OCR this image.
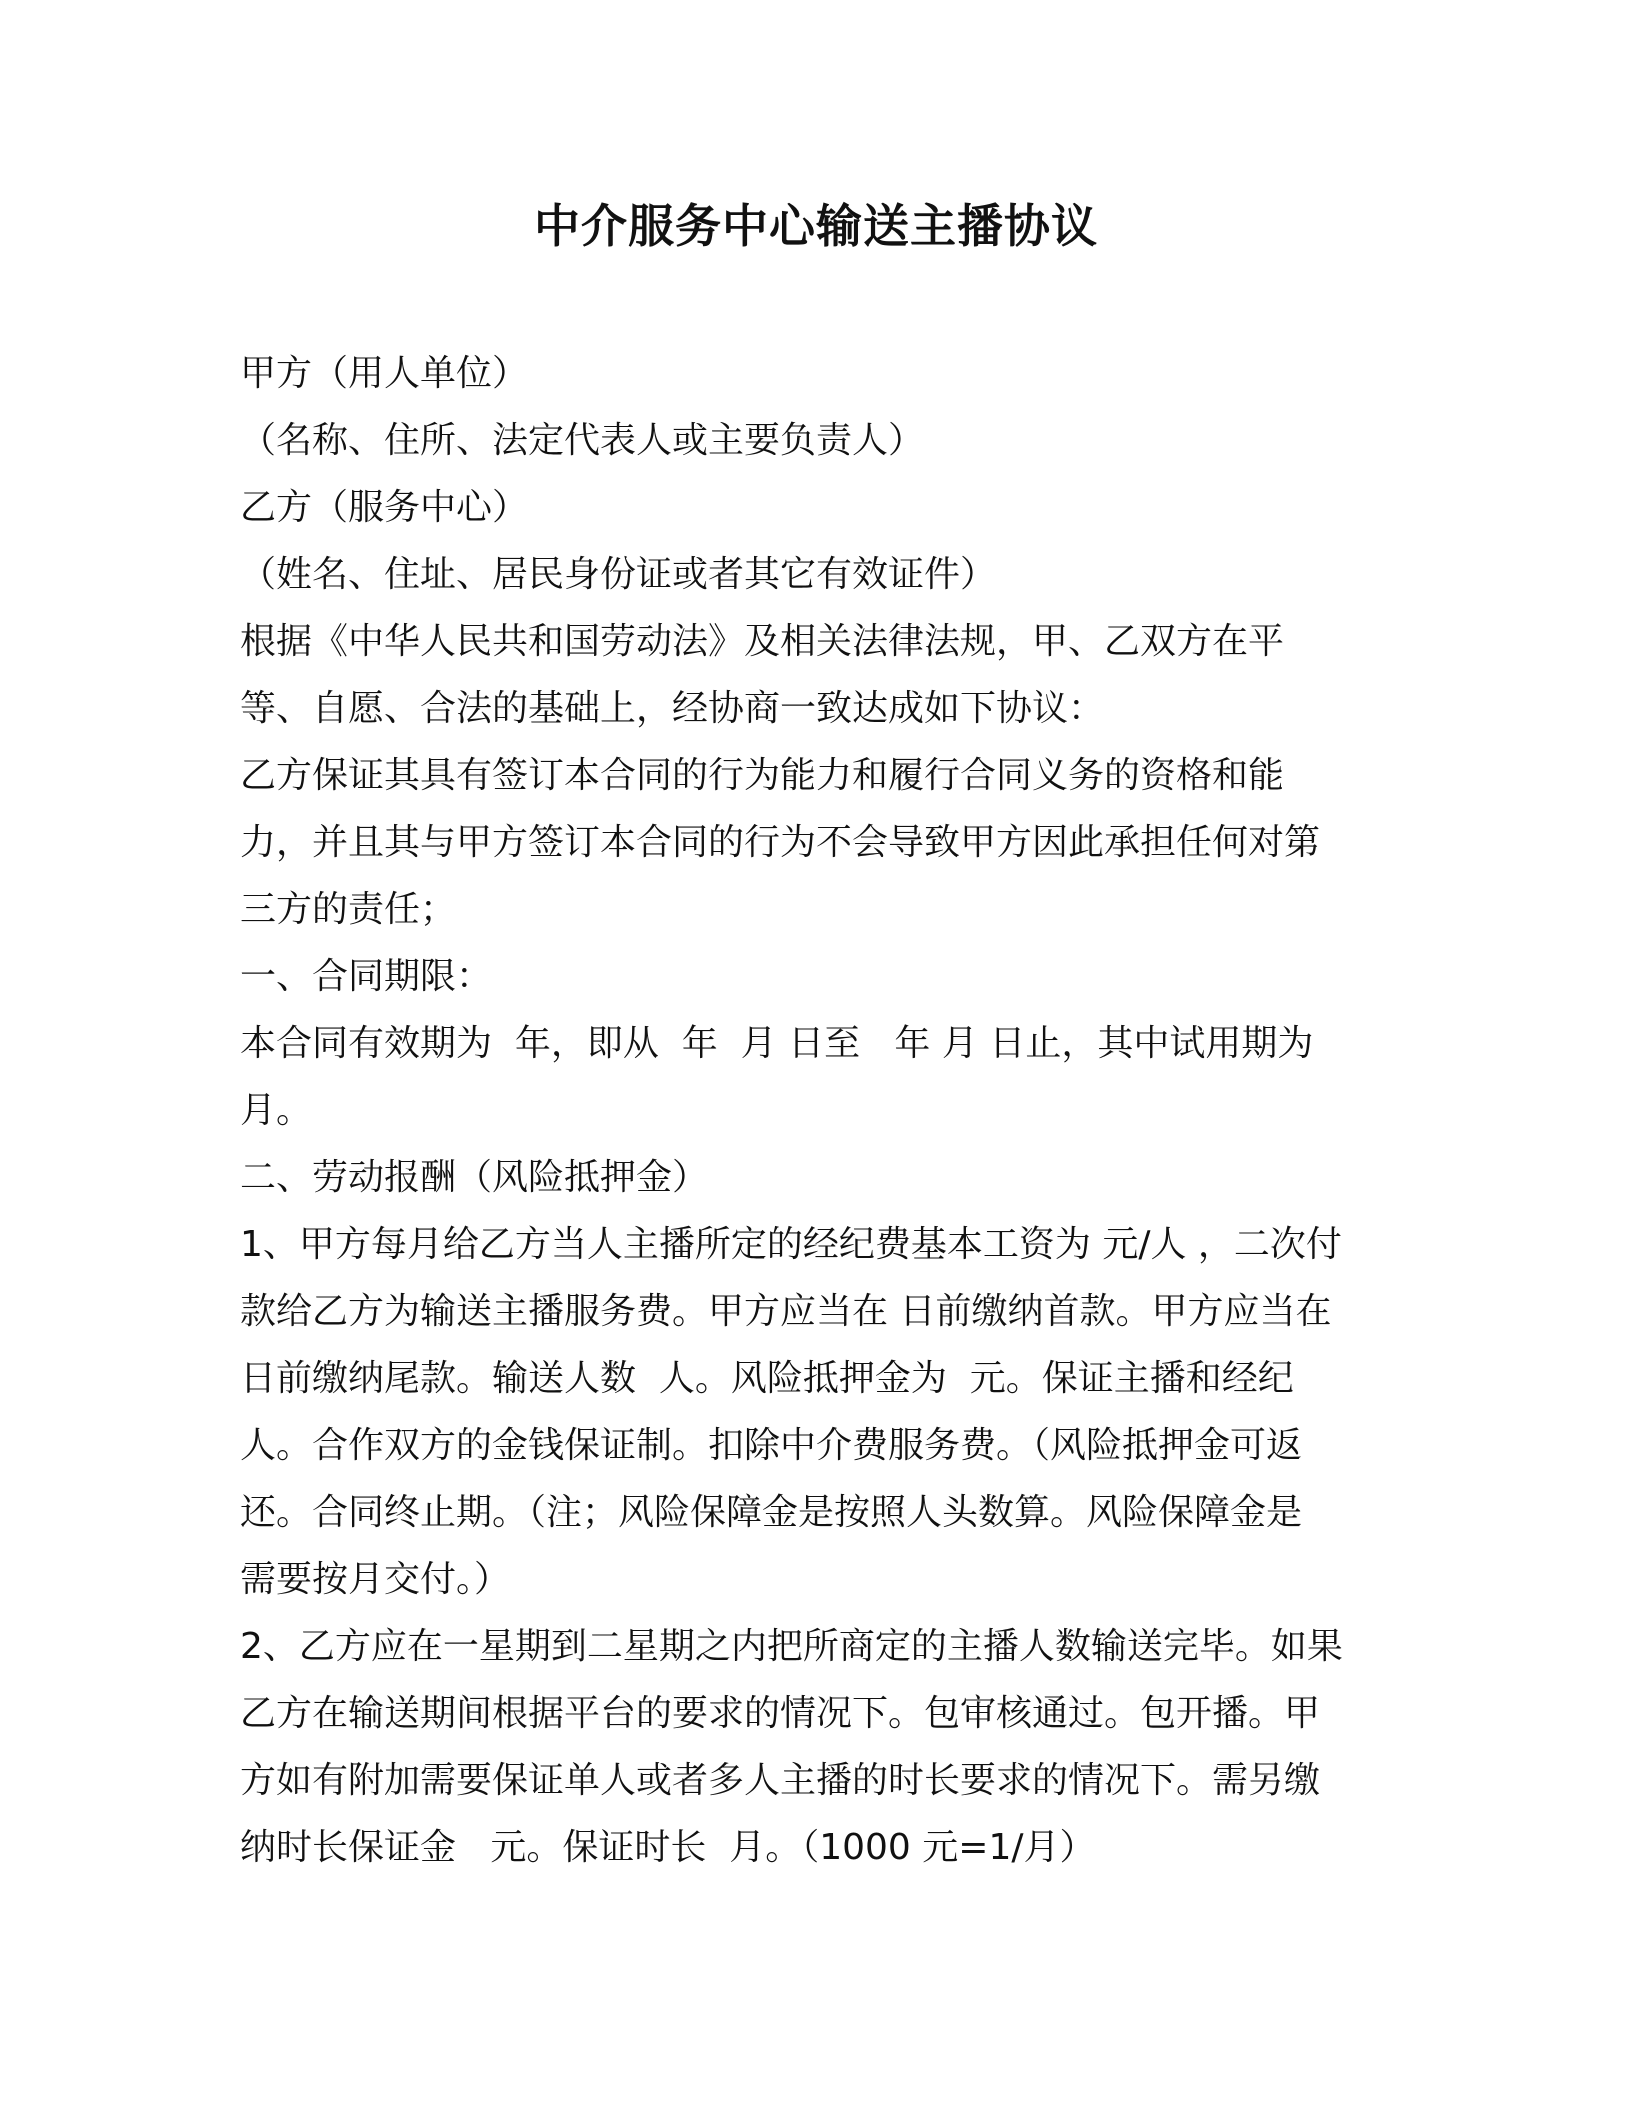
中介服务中心输送主播协议

甲方（用人单位）

（名称、住所、法定代表人或主要负责人）

乙方（服务中心）

（姓名、住址、居民身份证或者其它有效证件）

根据《中华人民共和国劳动法》及相关法律法规，甲、乙双方在平

等、自愿、合法的基础上，经协商一致达成如下协议：

乙方保证其具有签订本合同的行为能力和履行合同义务的资格和能

力，并且其与甲方签订本合同的行为不会导致甲方因此承担任何对第

三方的责任；

一、合同期限：

本合同有效期为  年，即从  年  月 日至   年 月 日止，其中试用期为

月。

二、劳动报酬（风险抵押金）

1、甲方每月给乙方当人主播所定的经纪费基本工资为 元/人 ，二次付

款给乙方为输送主播服务费。甲方应当在 日前缴纳首款。甲方应当在

日前缴纳尾款。输送人数  人。风险抵押金为  元。保证主播和经纪

人。合作双方的金钱保证制。扣除中介费服务费。（风险抵押金可返

还。合同终止期。（注；风险保障金是按照人头数算。风险保障金是

需要按月交付。）

2、乙方应在一星期到二星期之内把所商定的主播人数输送完毕。如果

乙方在输送期间根据平台的要求的情况下。包审核通过。包开播。甲

方如有附加需要保证单人或者多人主播的时长要求的情况下。需另缴

纳时长保证金   元。保证时长  月。（1000 元=1/月）
